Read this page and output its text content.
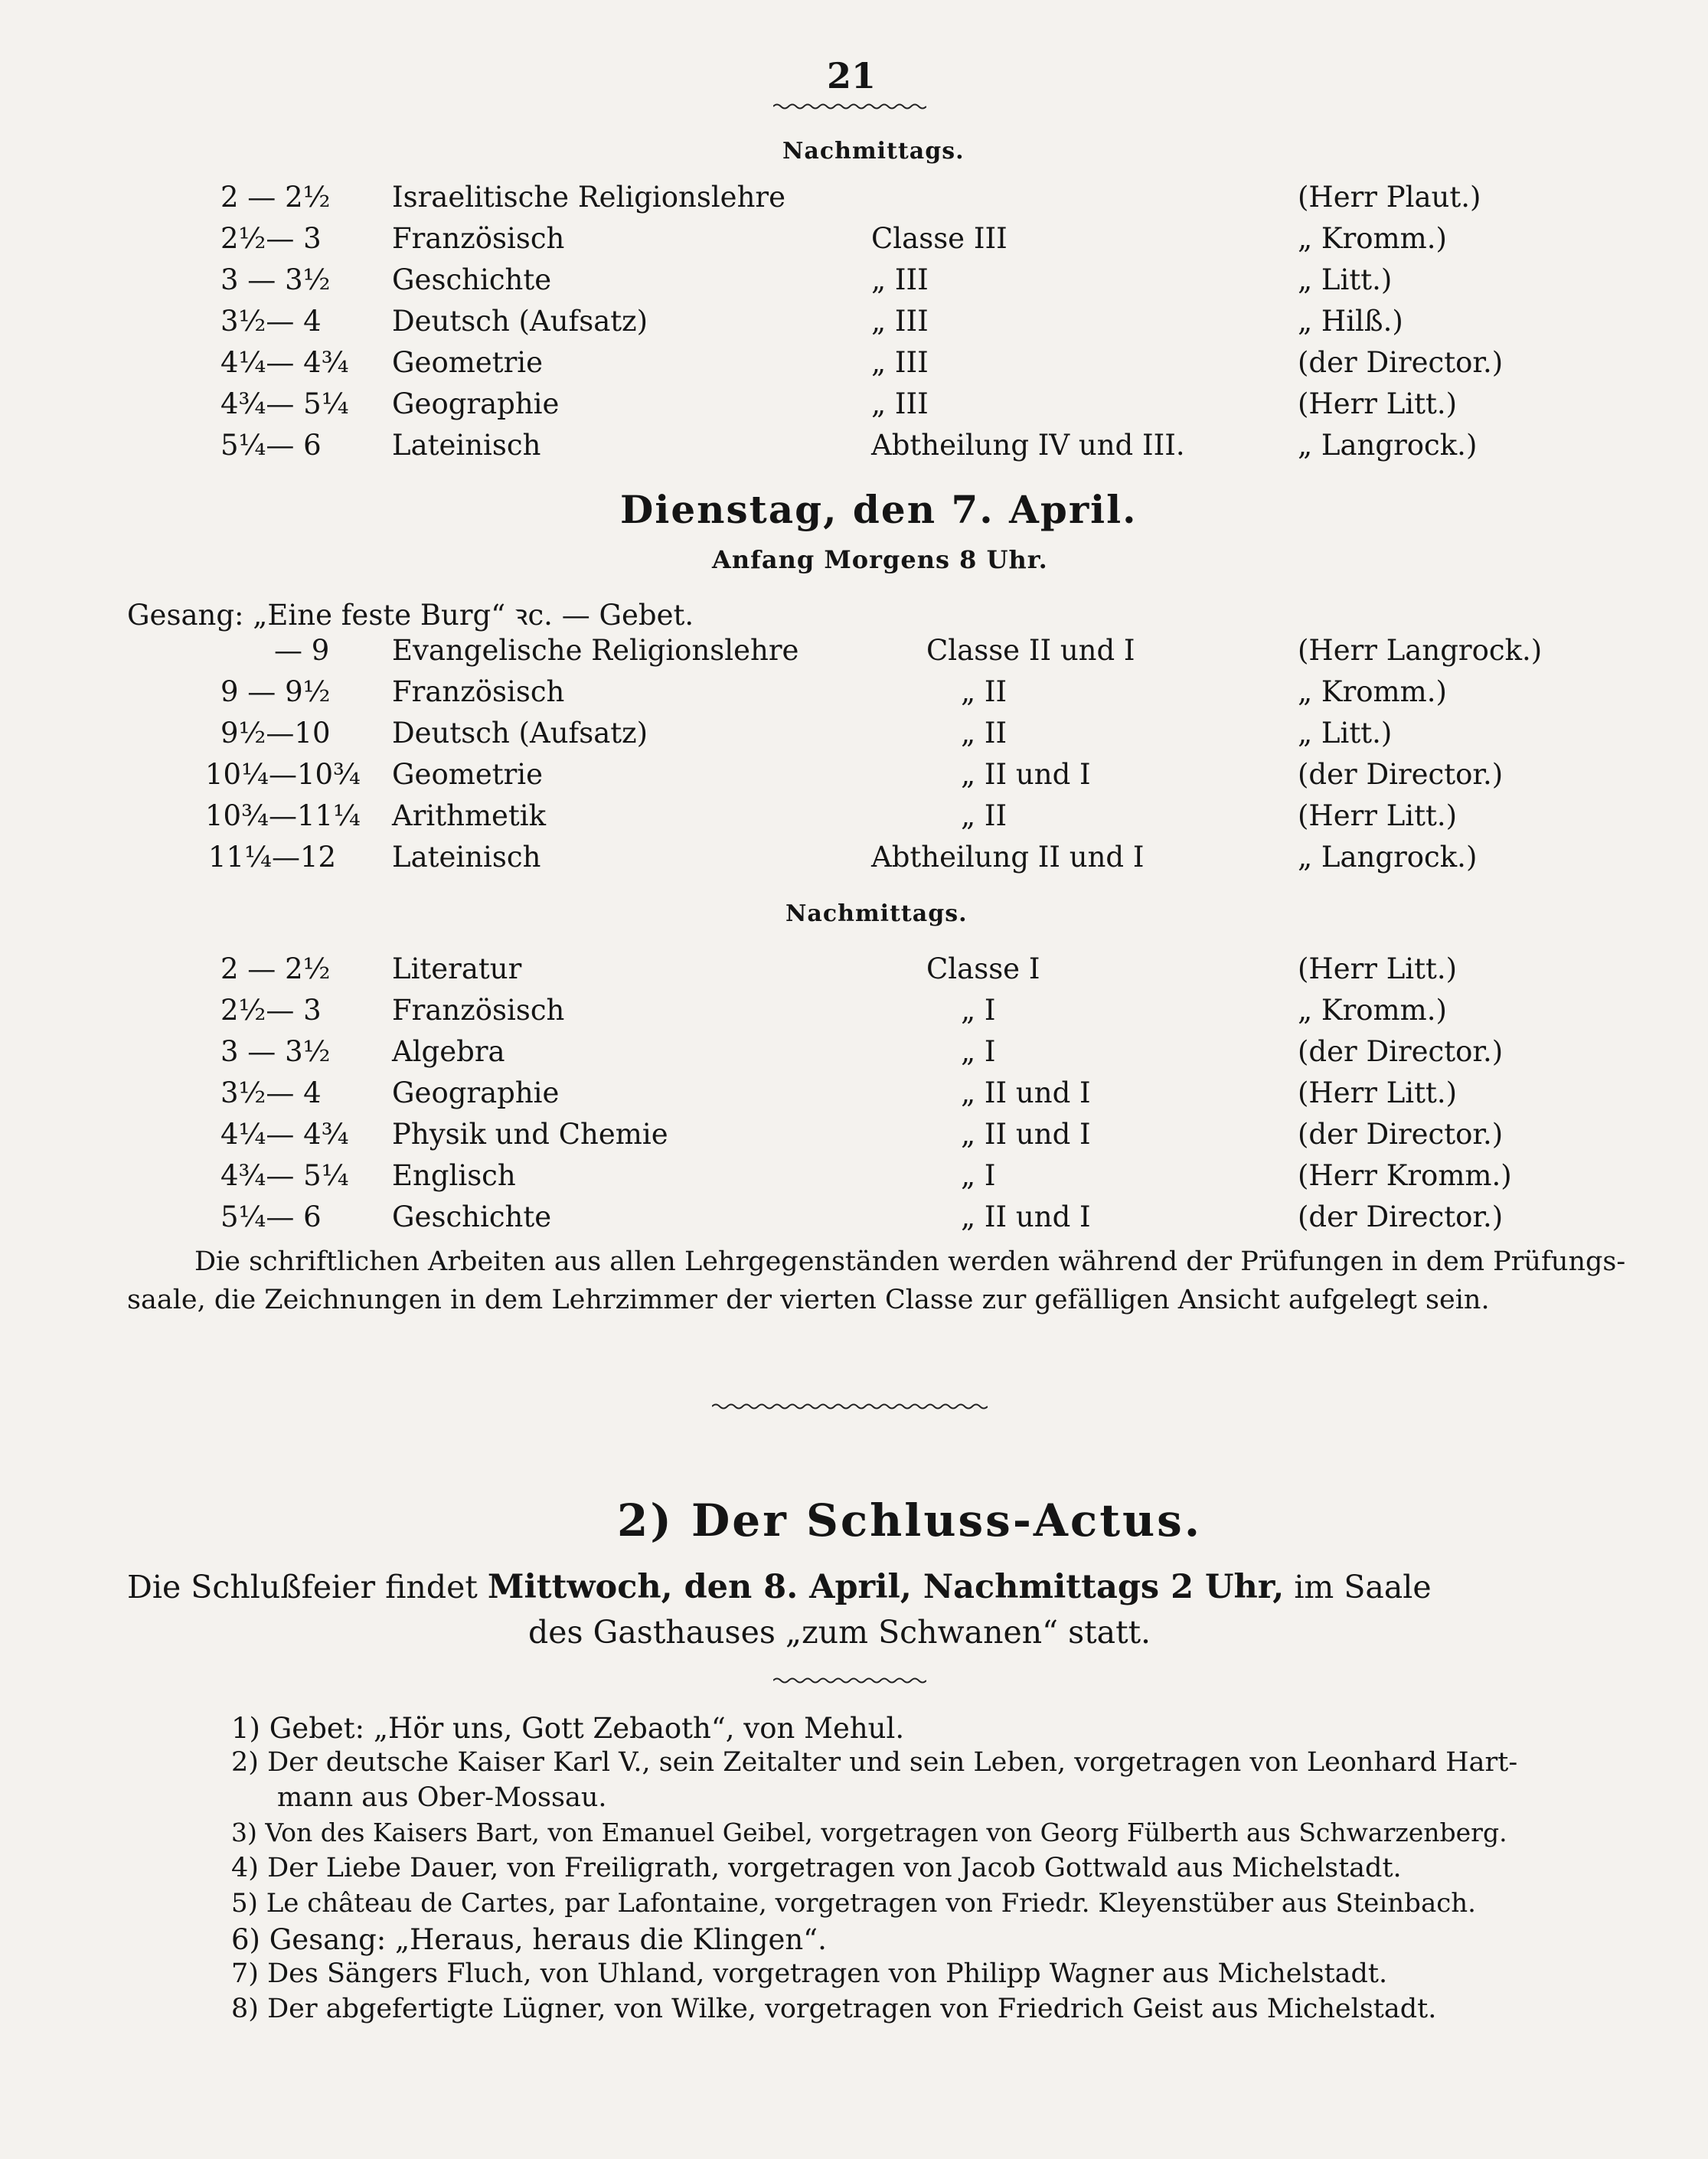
21
Nachmittags.
2 — 2½ Israelitische Religionslehre	(Herr Plaut.)
2½— 3 Französisch	Classe III	„ Kromm.)
3 — 3½ Geschichte	„ III	„ Litt.)
3½— 4 Deutsch (Aufsatz)	„ III	„ Hilß.)
4¼— 4¾ Geometrie	„ III	(der Director.)
4¾— 5¼ Geographie	„ III	(Herr Litt.)
5¼— 6 Lateinisch	Abtheilung IV und III.	„ Langrock.)
Dienstag, den 7. April.
Anfang Morgens 8 Uhr.
Gesang: „Eine feste Burg“ ꝛc. — Gebet.
— 9 Evangelische Religionslehre	Classe II und I	(Herr Langrock.)
9 — 9½ Französisch	„ II	„ Kromm.)
9½—10 Deutsch (Aufsatz)	„ II	„ Litt.)
10¼—10¾ Geometrie	„ II und I	(der Director.)
10¾—11¼ Arithmetik	„ II	(Herr Litt.)
11¼—12 Lateinisch	Abtheilung II und I	„ Langrock.)
Nachmittags.
2 — 2½ Literatur	Classe I	(Herr Litt.)
2½— 3 Französisch	„ I	„ Kromm.)
3 — 3½ Algebra	„ I	(der Director.)
3½— 4 Geographie	„ II und I	(Herr Litt.)
4¼— 4¾ Physik und Chemie	„ II und I	(der Director.)
4¾— 5¼ Englisch	„ I	(Herr Kromm.)
5¼— 6 Geschichte	„ II und I	(der Director.)
Die schriftlichen Arbeiten aus allen Lehrgegenständen werden während der Prüfungen in dem Prüfungs-
saale, die Zeichnungen in dem Lehrzimmer der vierten Classe zur gefälligen Ansicht aufgelegt sein.
2) Der Schluss-Actus.
Die Schlußfeier findet Mittwoch, den 8. April, Nachmittags 2 Uhr, im Saale
des Gasthauses „zum Schwanen“ statt.
1) Gebet: „Hör uns, Gott Zebaoth“, von Mehul.
2) Der deutsche Kaiser Karl V., sein Zeitalter und sein Leben, vorgetragen von Leonhard Hart-
mann aus Ober-Mossau.
3) Von des Kaisers Bart, von Emanuel Geibel, vorgetragen von Georg Fülberth aus Schwarzenberg.
4) Der Liebe Dauer, von Freiligrath, vorgetragen von Jacob Gottwald aus Michelstadt.
5) Le château de Cartes, par Lafontaine, vorgetragen von Friedr. Kleyenstüber aus Steinbach.
6) Gesang: „Heraus, heraus die Klingen“.
7) Des Sängers Fluch, von Uhland, vorgetragen von Philipp Wagner aus Michelstadt.
8) Der abgefertigte Lügner, von Wilke, vorgetragen von Friedrich Geist aus Michelstadt.
